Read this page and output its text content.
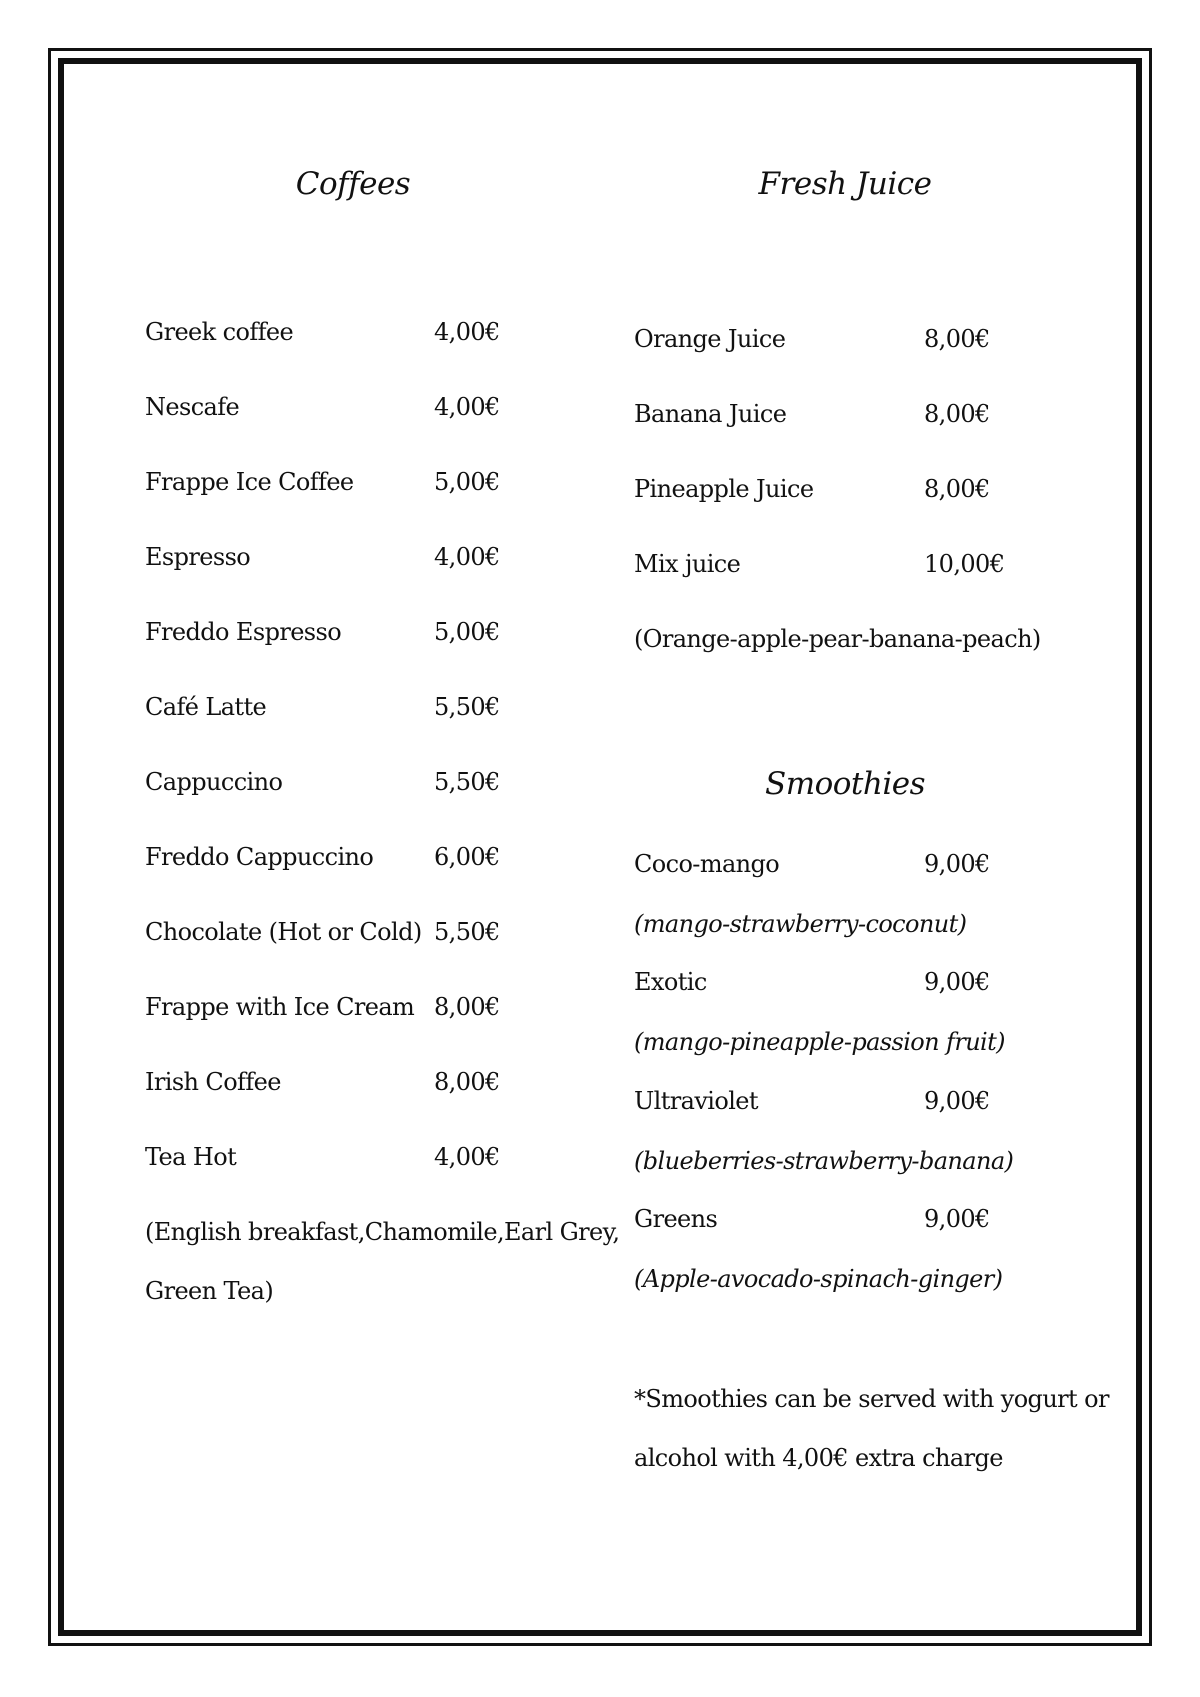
Coffees
Greek coffee	4,00€
Nescafe	4,00€
Frappe Ice Coffee	5,00€
Espresso	4,00€
Freddo Espresso	5,00€
Café Latte	5,50€
Cappuccino	5,50€
Freddo Cappuccino	6,00€
Chocolate (Hot or Cold) 5,50€
Frappe with Ice Cream 8,00€
Irish Coffee	8,00€
Tea Hot	4,00€
(English breakfast,Chamomile,Earl Grey,
Green Tea)
Fresh Juice
Orange Juice	8,00€
Banana Juice	8,00€
Pineapple Juice	8,00€
Mix juice	10,00€
(Orange-apple-pear-banana-peach)
Smoothies
Coco-mango	9,00€
(mango-strawberry-coconut)
Exotic	9,00€
(mango-pineapple-passion fruit)
Ultraviolet	9,00€
(blueberries-strawberry-banana)
Greens	9,00€
(Apple-avocado-spinach-ginger)
*Smoothies can be served with yogurt or
alcohol with 4,00€ extra charge
